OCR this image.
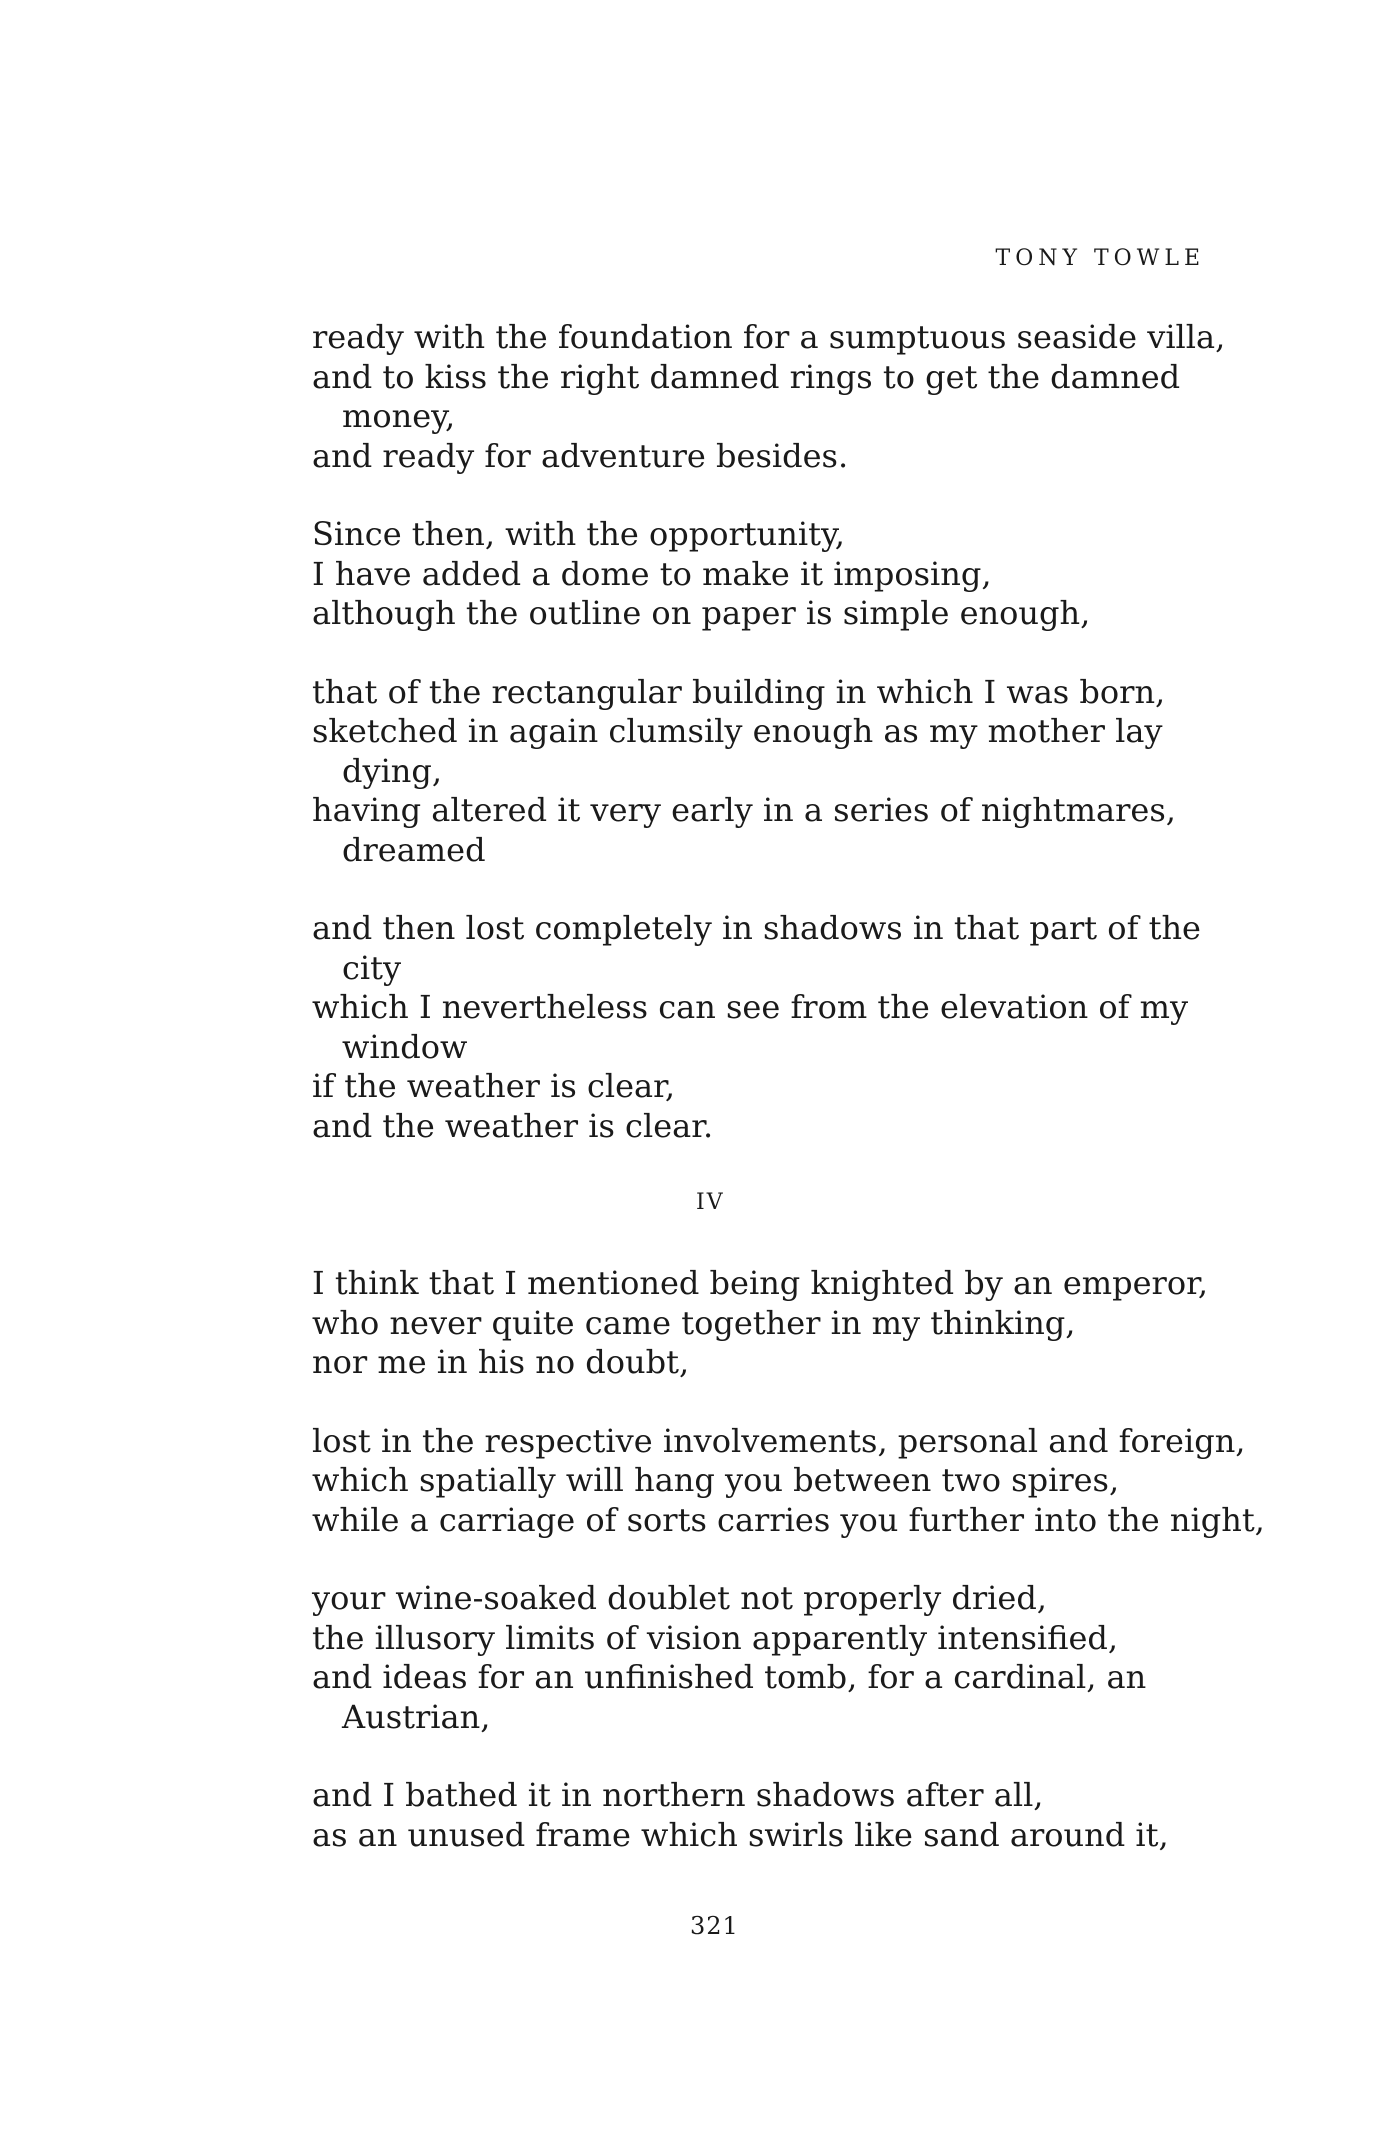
TONY TOWLE
ready with the foundation for a sumptuous seaside villa,
and to kiss the right damned rings to get the damned
money,
and ready for adventure besides.
Since then, with the opportunity,
I have added a dome to make it imposing,
although the outline on paper is simple enough,
that of the rectangular building in which I was born,
sketched in again clumsily enough as my mother lay
dying,
having altered it very early in a series of nightmares,
dreamed
and then lost completely in shadows in that part of the
city
which I nevertheless can see from the elevation of my
window
if the weather is clear,
and the weather is clear.
IV
I think that I mentioned being knighted by an emperor,
who never quite came together in my thinking,
nor me in his no doubt,
lost in the respective involvements, personal and foreign,
which spatially will hang you between two spires,
while a carriage of sorts carries you further into the night,
your wine-soaked doublet not properly dried,
the illusory limits of vision apparently intensified,
and ideas for an unfinished tomb, for a cardinal, an
Austrian,
and I bathed it in northern shadows after all,
as an unused frame which swirls like sand around it,
321
